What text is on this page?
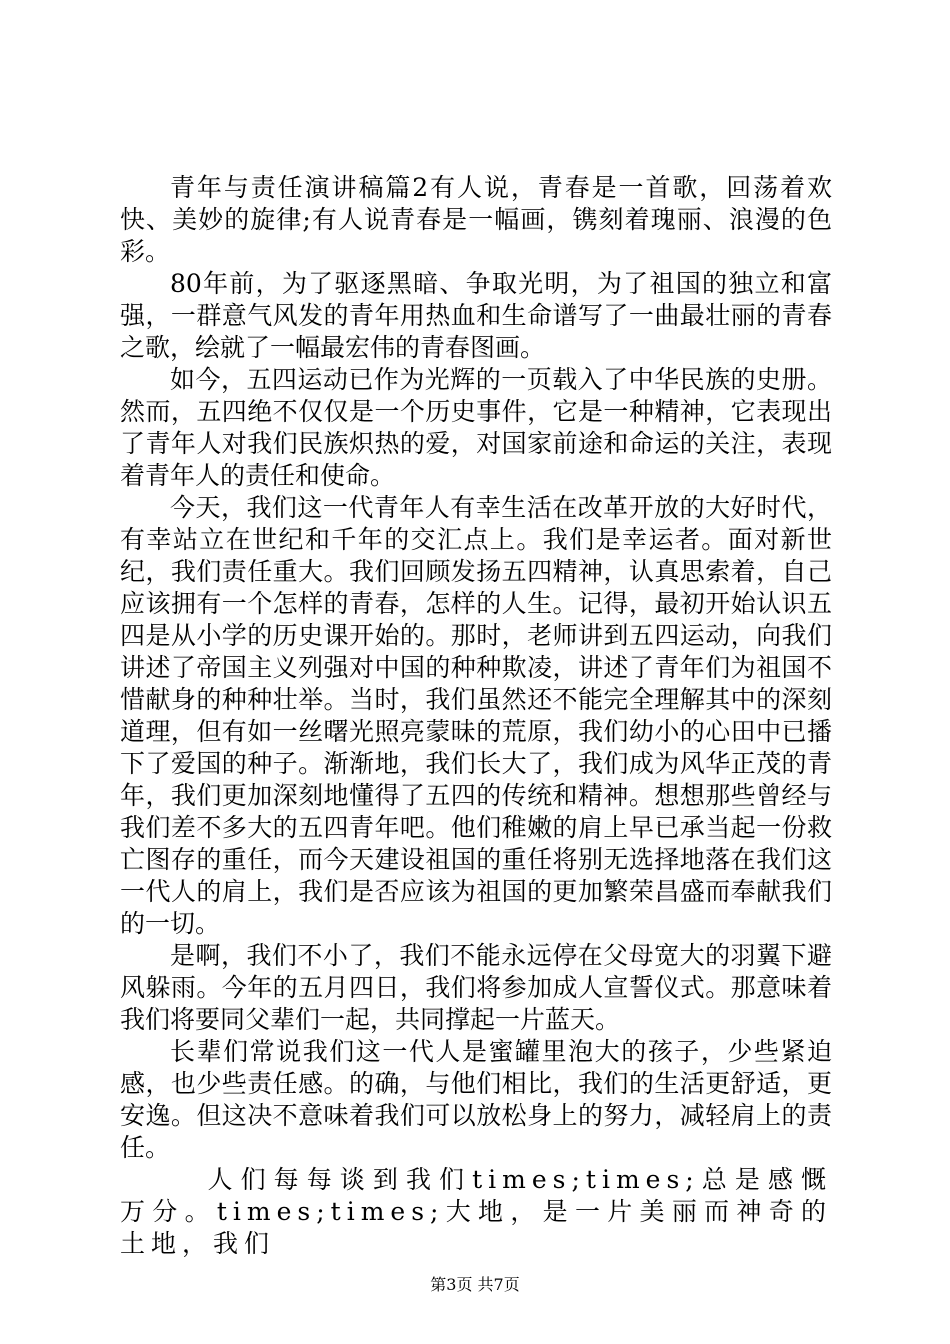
青年与责任演讲稿篇2有人说，青春是一首歌，回荡着欢快、美妙的旋律;有人说青春是一幅画，镌刻着瑰丽、浪漫的色彩。

80年前，为了驱逐黑暗、争取光明，为了祖国的独立和富强，一群意气风发的青年用热血和生命谱写了一曲最壮丽的青春之歌，绘就了一幅最宏伟的青春图画。

如今，五四运动已作为光辉的一页载入了中华民族的史册。然而，五四绝不仅仅是一个历史事件，它是一种精神，它表现出了青年人对我们民族炽热的爱，对国家前途和命运的关注，表现着青年人的责任和使命。

今天，我们这一代青年人有幸生活在改革开放的大好时代，有幸站立在世纪和千年的交汇点上。我们是幸运者。面对新世纪，我们责任重大。我们回顾发扬五四精神，认真思索着，自己应该拥有一个怎样的青春，怎样的人生。记得，最初开始认识五四是从小学的历史课开始的。那时，老师讲到五四运动，向我们讲述了帝国主义列强对中国的种种欺凌，讲述了青年们为祖国不惜献身的种种壮举。当时，我们虽然还不能完全理解其中的深刻道理，但有如一丝曙光照亮蒙昧的荒原，我们幼小的心田中已播下了爱国的种子。渐渐地，我们长大了，我们成为风华正茂的青年，我们更加深刻地懂得了五四的传统和精神。想想那些曾经与我们差不多大的五四青年吧。他们稚嫩的肩上早已承当起一份救亡图存的重任，而今天建设祖国的重任将别无选择地落在我们这一代人的肩上，我们是否应该为祖国的更加繁荣昌盛而奉献我们的一切。

是啊，我们不小了，我们不能永远停在父母宽大的羽翼下避风躲雨。今年的五月四日，我们将参加成人宣誓仪式。那意味着我们将要同父辈们一起，共同撑起一片蓝天。

长辈们常说我们这一代人是蜜罐里泡大的孩子，少些紧迫感，也少些责任感。的确，与他们相比，我们的生活更舒适，更安逸。但这决不意味着我们可以放松身上的努力，减轻肩上的责任。

人们每每谈到我们times;times;总是感慨万分。times;times;大地，是一片美丽而神奇的土地，我们

第3页 共7页
